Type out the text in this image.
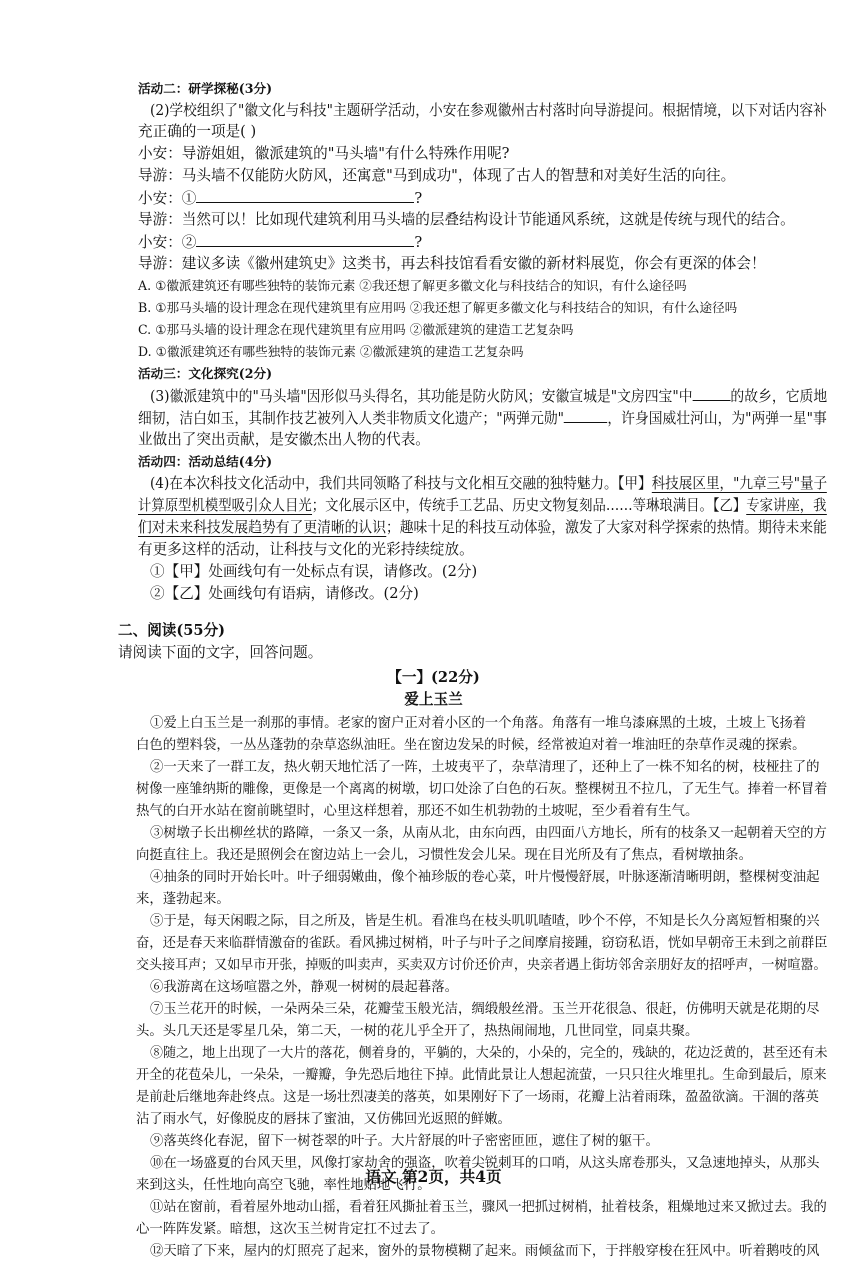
活动二：研学探秘(3分)
(2)学校组织了"徽文化与科技"主题研学活动，小安在参观徽州古村落时向导游提问。根据情境，以下对话内容补
充正确的一项是( )
小安：导游姐姐，徽派建筑的"马头墙"有什么特殊作用呢?
导游：马头墙不仅能防火防风，还寓意"马到成功"，体现了古人的智慧和对美好生活的向往。
小安：①	?
导游：当然可以！比如现代建筑利用马头墙的层叠结构设计节能通风系统，这就是传统与现代的结合。
小安：②	?
导游：建议多读《徽州建筑史》这类书，再去科技馆看看安徽的新材料展览，你会有更深的体会！
A. ①徽派建筑还有哪些独特的装饰元素 ②我还想了解更多徽文化与科技结合的知识，有什么途径吗
B. ①那马头墙的设计理念在现代建筑里有应用吗 ②我还想了解更多徽文化与科技结合的知识，有什么途径吗
C. ①那马头墙的设计理念在现代建筑里有应用吗 ②徽派建筑的建造工艺复杂吗
D. ①徽派建筑还有哪些独特的装饰元素 ②徽派建筑的建造工艺复杂吗
活动三：文化探究(2分)
(3)徽派建筑中的"马头墙"因形似马头得名，其功能是防火防风；安徽宣城是"文房四宝"中	的故乡，它质地
细韧，洁白如玉，其制作技艺被列入人类非物质文化遗产；"两弹元勋"	，许身国威壮河山，为"两弹一星"事
业做出了突出贡献，是安徽杰出人物的代表。
活动四：活动总结(4分)
(4)在本次科技文化活动中，我们共同领略了科技与文化相互交融的独特魅力。【甲】科技展区里，"九章三号"量子
计算原型机模型吸引众人目光；文化展示区中，传统手工艺品、历史文物复刻品……等琳琅满目。【乙】专家讲座，我
们对未来科技发展趋势有了更清晰的认识；趣味十足的科技互动体验，激发了大家对科学探索的热情。期待未来能
有更多这样的活动，让科技与文化的光彩持续绽放。
①【甲】处画线句有一处标点有误，请修改。(2分)
②【乙】处画线句有语病，请修改。(2分)
二、阅读(55分)
请阅读下面的文字，回答问题。
【一】(22分)
爱上玉兰
①爱上白玉兰是一刹那的事情。老家的窗户正对着小区的一个角落。角落有一堆乌漆麻黑的土坡，土坡上飞扬着
白色的塑料袋，一丛丛蓬勃的杂草恣纵油旺。坐在窗边发呆的时候，经常被迫对着一堆油旺的杂草作灵魂的探索。
②一天来了一群工友，热火朝天地忙活了一阵，土坡夷平了，杂草清理了，还种上了一株不知名的树，枝桠拄了的
树像一座雏纳斯的雕像，更像是一个离离的树墩，切口处涂了白色的石灰。整棵树丑不拉几，了无生气。捧着一杯冒着
热气的白开水站在窗前眺望时，心里这样想着，那还不如生机勃勃的土坡呢，至少看着有生气。
③树墩子长出柳丝状的路障，一条又一条，从南从北，由东向西，由四面八方地长，所有的枝条又一起朝着天空的方
向挺直往上。我还是照例会在窗边站上一会儿，习惯性发会儿呆。现在目光所及有了焦点，看树墩抽条。
④抽条的同时开始长叶。叶子细弱嫩曲，像个袖珍版的卷心菜，叶片慢慢舒展，叶脉逐渐清晰明朗，整棵树变油起
来，蓬勃起来。
⑤于是，每天闲暇之际，目之所及，皆是生机。看准鸟在枝头叽叽喳喳，吵个不停，不知是长久分离短暂相聚的兴
奋，还是春天来临群情激奋的雀跃。看风拂过树梢，叶子与叶子之间摩肩接踵，窃窃私语，恍如早朝帝王未到之前群臣
交头接耳声；又如早市开张，掉贩的叫卖声，买卖双方讨价还价声，央亲者遇上街坊邻舍亲朋好友的招呼声，一树喧嚣。
⑥我游离在这场喧嚣之外，静观一树树的晨起暮落。
⑦玉兰花开的时候，一朵两朵三朵，花瓣莹玉般光洁，绸缎般丝滑。玉兰开花很急、很赶，仿佛明天就是花期的尽
头。头几天还是零星几朵，第二天，一树的花儿乎全开了，热热闹闹地，几世同堂，同桌共聚。
⑧随之，地上出现了一大片的落花，侧着身的，平躺的，大朵的，小朵的，完全的，残缺的，花边泛黄的，甚至还有未
开全的花苞朵儿，一朵朵，一瓣瓣，争先恐后地往下掉。此情此景让人想起流萤，一只只往火堆里扎。生命到最后，原来
是前赴后继地奔赴终点。这是一场壮烈凄美的落英，如果刚好下了一场雨，花瓣上沾着雨珠，盈盈欲滴。干涸的落英
沾了雨水气，好像脱皮的唇抹了蜜油，又仿佛回光返照的鲜嫩。
⑨落英终化春泥，留下一树苍翠的叶子。大片舒展的叶子密密匝匝，遮住了树的躯干。
⑩在一场盛夏的台风天里，风像打家劫舍的强盗，吹着尖锐刺耳的口哨，从这头席卷那头，又急速地掉头，从那头
来到这头，任性地向高空飞驰，率性地贴地飞行。
⑪站在窗前，看着屋外地动山摇，看着狂风撕扯着玉兰，骤风一把抓过树梢，扯着枝条，粗燥地过来又掀过去。我的
心一阵阵发紧。暗想，这次玉兰树肯定扛不过去了。
⑫天暗了下来，屋内的灯照亮了起来，窗外的景物模糊了起来。雨倾盆而下，于拌般穿梭在狂风中。听着鹅吱的风
语文 第2页，共4页
